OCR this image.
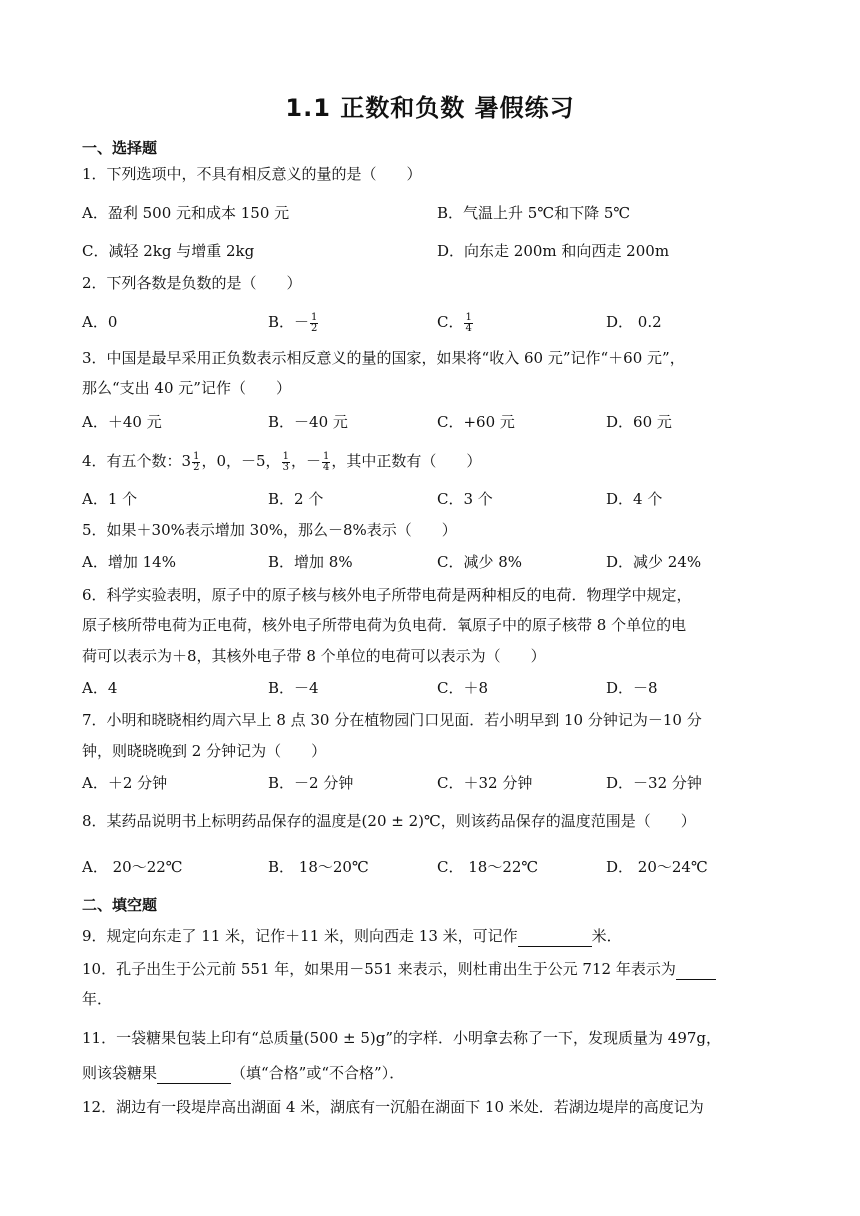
1.1 正数和负数 暑假练习
一、选择题
1．下列选项中，不具有相反意义的量的是（　　）
A．盈利 500 元和成本 150 元	B．气温上升 5℃和下降 5℃
C．减轻 2kg 与增重 2kg	D．向东走 200m 和向西走 200m
2．下列各数是负数的是（　　）
A．0	B．－ $\frac{1}{2}$	C． $\frac{1}{4}$	D． 0.2
3．中国是最早采用正负数表示相反意义的量的国家，如果将“收入 60 元”记作“＋60 元”，
那么“支出 40 元”记作（　　）
A．＋40 元	B．－40 元	C．+60 元	D．60 元
4．有五个数：$3 \frac{1}{2}$ ，0，－5， $\frac{1}{3}$ ，－ $\frac{1}{4}$ ，其中正数有（　　）
A．1 个	B．2 个	C．3 个	D．4 个
5．如果＋30%表示增加 30%，那么－8%表示（　　）
A．增加 14%	B．增加 8%	C．减少 8%	D．减少 24%
6．科学实验表明，原子中的原子核与核外电子所带电荷是两种相反的电荷．物理学中规定，
原子核所带电荷为正电荷，核外电子所带电荷为负电荷．氧原子中的原子核带 8 个单位的电
荷可以表示为＋8，其核外电子带 8 个单位的电荷可以表示为（　　）
A．4	B．－4	C．＋8	D．－8
7．小明和晓晓相约周六早上 8 点 30 分在植物园门口见面．若小明早到 10 分钟记为－10 分
钟，则晓晓晚到 2 分钟记为（　　）
A．＋2 分钟	B．－2 分钟	C．＋32 分钟	D．－32 分钟
8．某药品说明书上标明药品保存的温度是(20 ± 2)℃，则该药品保存的温度范围是（　　）
A． 20～22℃	B． 18～20℃	C． 18～22℃	D． 20～24℃
二、填空题
9．规定向东走了 11 米，记作＋11 米，则向西走 13 米，可记作	米．
10．孔子出生于公元前 551 年，如果用－551 来表示，则杜甫出生于公元 712 年表示为
年．
11．一袋糖果包装上印有“总质量(500 ± 5)g”的字样．小明拿去称了一下，发现质量为 497g，
则该袋糖果	（填“合格”或“不合格”）．
12．湖边有一段堤岸高出湖面 4 米，湖底有一沉船在湖面下 10 米处．若湖边堤岸的高度记为
